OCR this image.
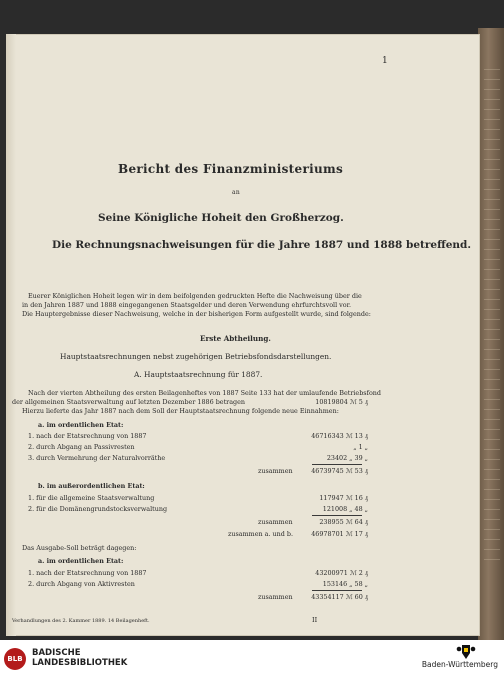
1
Bericht des Finanzministeriums
an
Seine Königliche Hoheit den Großherzog.
Die Rechnungsnachweisungen für die Jahre 1887 und 1888 betreffend.
Euerer Königlichen Hoheit legen wir in dem beifolgenden gedruckten Hefte die Nachweisung über die
in den Jahren 1887 und 1888 eingegangenen Staatsgelder und deren Verwendung ehrfurchtsvoll vor.
Die Hauptergebnisse dieser Nachweisung, welche in der bisherigen Form aufgestellt wurde, sind folgende:
Erste Abtheilung.
Hauptstaatsrechnungen nebst zugehörigen Betriebsfondsdarstellungen.
A. Hauptstaatsrechnung für 1887.
Nach der vierten Abtheilung des ersten Beilagenheftes von 1887 Seite 133 hat der umlaufende Betriebsfond
der allgemeinen Staatsverwaltung auf letzten Dezember 1886 betragen	10819804 ℳ 5 ₰
Hierzu lieferte das Jahr 1887 nach dem Soll der Hauptstaatsrechnung folgende neue Einnahmen:
a. im ordentlichen Etat:
1. nach der Etatsrechnung von 1887	46716343 ℳ 13 ₰
2. durch Abgang an Passivresten	„ 1 „
3. durch Vermehrung der Naturalvorräthe	23402 „ 39 „
zusammen	46739745 ℳ 53 ₰
b. im außerordentlichen Etat:
1. für die allgemeine Staatsverwaltung	117947 ℳ 16 ₰
2. für die Domänengrundstocksverwaltung	121008 „ 48 „
zusammen	238955 ℳ 64 ₰
zusammen a. und b.	46978701 ℳ 17 ₰
Das Ausgabe-Soll beträgt dagegen:
a. im ordentlichen Etat:
1. nach der Etatsrechnung von 1887	43200971 ℳ 2 ₰
2. durch Abgang von Aktivresten	153146 „ 58 „
zusammen	43354117 ℳ 60 ₰
Verhandlungen des 2. Kammer 1889. 14 Beilagenheft.	II
BLB
BADISCHE
LANDESBIBLIOTHEK	Baden-Württemberg
